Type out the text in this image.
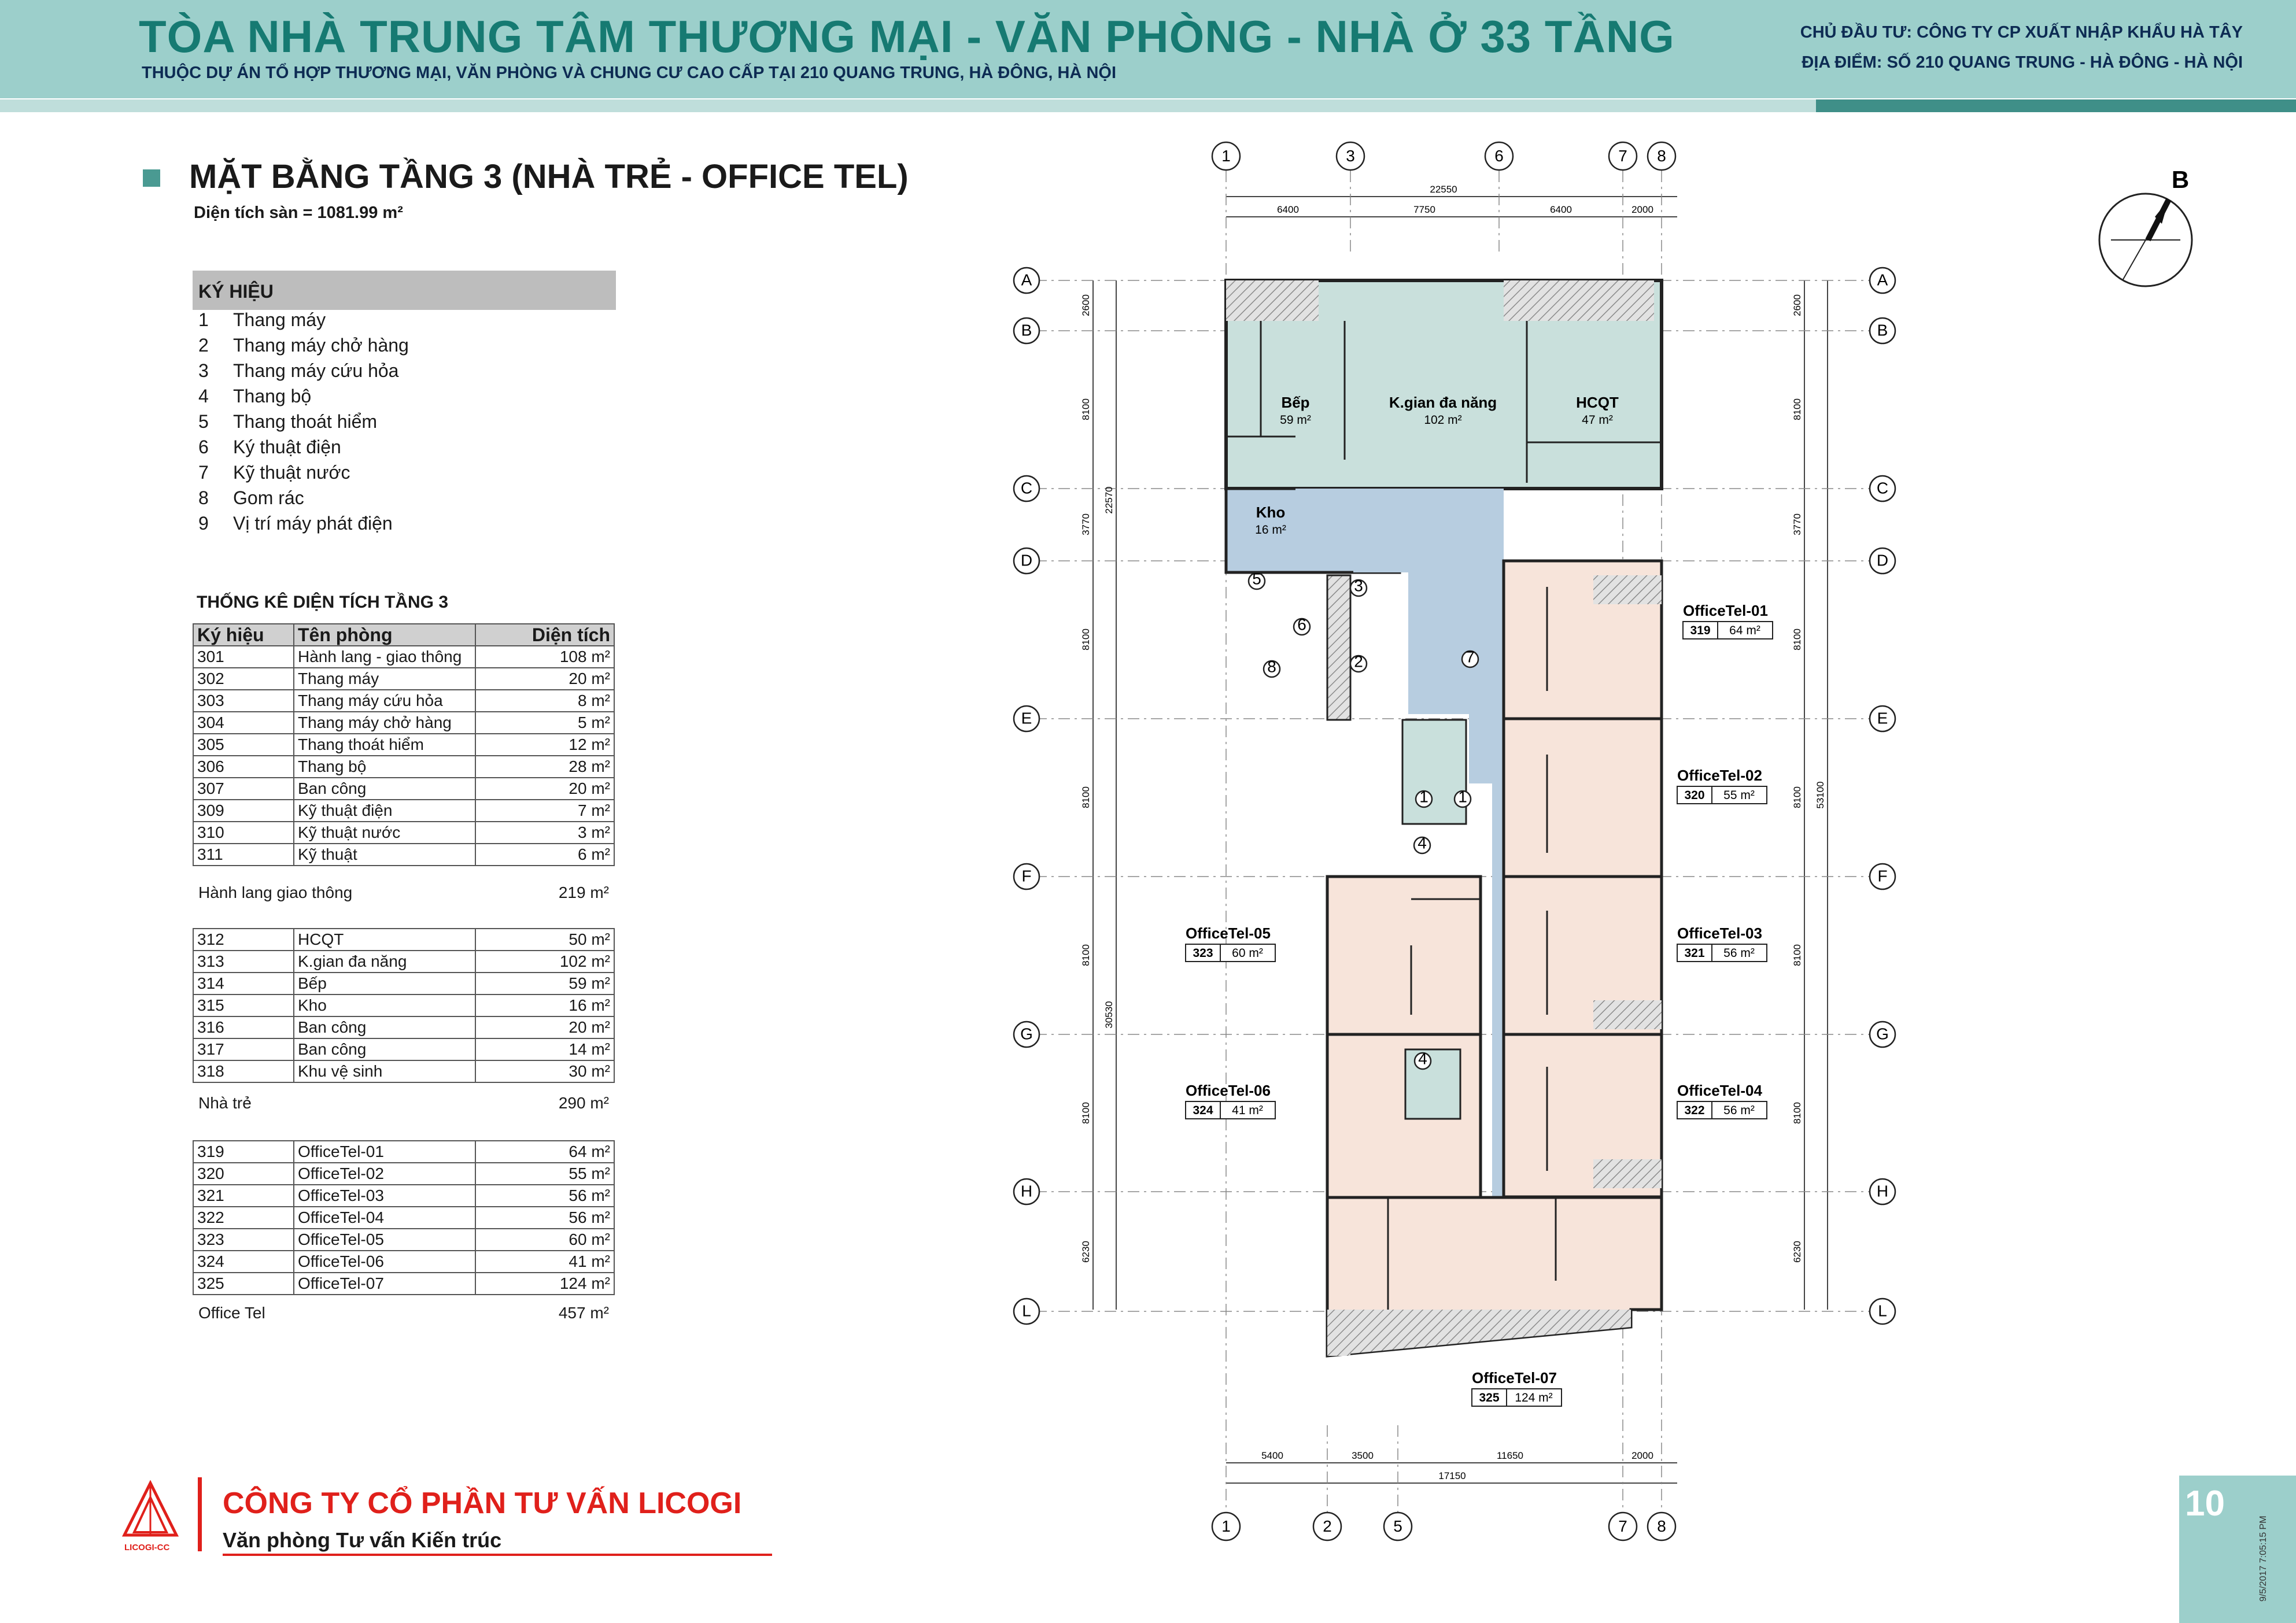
TÒA NHÀ TRUNG TÂM THƯƠNG MẠI - VĂN PHÒNG - NHÀ Ở 33 TẦNG
THUỘC DỰ ÁN TỔ HỢP THƯƠNG MẠI, VĂN PHÒNG VÀ CHUNG CƯ CAO CẤP TẠI 210 QUANG TRUNG, HÀ ĐÔNG, HÀ NỘI
CHỦ ĐẦU TƯ: CÔNG TY CP XUẤT NHẬP KHẨU HÀ TÂY
ĐỊA ĐIỂM: SỐ 210 QUANG TRUNG - HÀ ĐÔNG - HÀ NỘI
MẶT BẰNG TẦNG 3 (NHÀ TRẺ - OFFICE TEL)
Diện tích sàn = 1081.99 m²
KÝ HIỆU
1 Thang máy
2 Thang máy chở hàng
3 Thang máy cứu hỏa
4 Thang bộ
5 Thang thoát hiểm
6 Ký thuật điện
7 Kỹ thuật nước
8 Gom rác
9 Vị trí máy phát điện
THỐNG KÊ DIỆN TÍCH TẦNG 3
Ký hiệu	Tên phòng	Diện tích
301	Hành lang - giao thông	108 m²
302	Thang máy	20 m²
303	Thang máy cứu hỏa	8 m²
304	Thang máy chở hàng	5 m²
305	Thang thoát hiểm	12 m²
306	Thang bộ	28 m²
307	Ban công	20 m²
309	Kỹ thuật điện	7 m²
310	Kỹ thuật nước	3 m²
311	Kỹ thuật	6 m²
Hành lang giao thông	219 m²
312	HCQT	50 m²
313	K.gian đa năng	102 m²
314	Bếp	59 m²
315	Kho	16 m²
316	Ban công	20 m²
317	Ban công	14 m²
318	Khu vệ sinh	30 m²
Nhà trẻ	290 m²
319	OfficeTel-01	64 m²
320	OfficeTel-02	55 m²
321	OfficeTel-03	56 m²
322	OfficeTel-04	56 m²
323	OfficeTel-05	60 m²
324	OfficeTel-06	41 m²
325	OfficeTel-07	124 m²
Office Tel	457 m²
1	3	6	7 8
1	2	5	7 8
A	A
B	B
C	C
D	D
E	E
F	F
G	G
H	H
L	L
22550
6400	7750	6400	2000
5400	3500	11650	2000
17150
2600	2600
8100	8100
3770	3770
8100	8100
8100	8100
8100	8100
8100	8100
6230	6230
22570
30530
53100
Bếp
59 m²
K.gian đa năng
102 m²
HCQT
47 m²
Kho
16 m²
OfficeTel-01
319 64 m²
OfficeTel-02
320 55 m²
OfficeTel-03
321 56 m²
OfficeTel-04
322 56 m²
OfficeTel-05
323 60 m²
OfficeTel-06
324 41 m²
OfficeTel-07
325 124 m²
5	3
6
8	2	7
1 1
4
4
B
LICOGI-CC
CÔNG TY CỔ PHẦN TƯ VẤN LICOGI
Văn phòng Tư vấn Kiến trúc
10
9/5/2017 7:05:15 PM
